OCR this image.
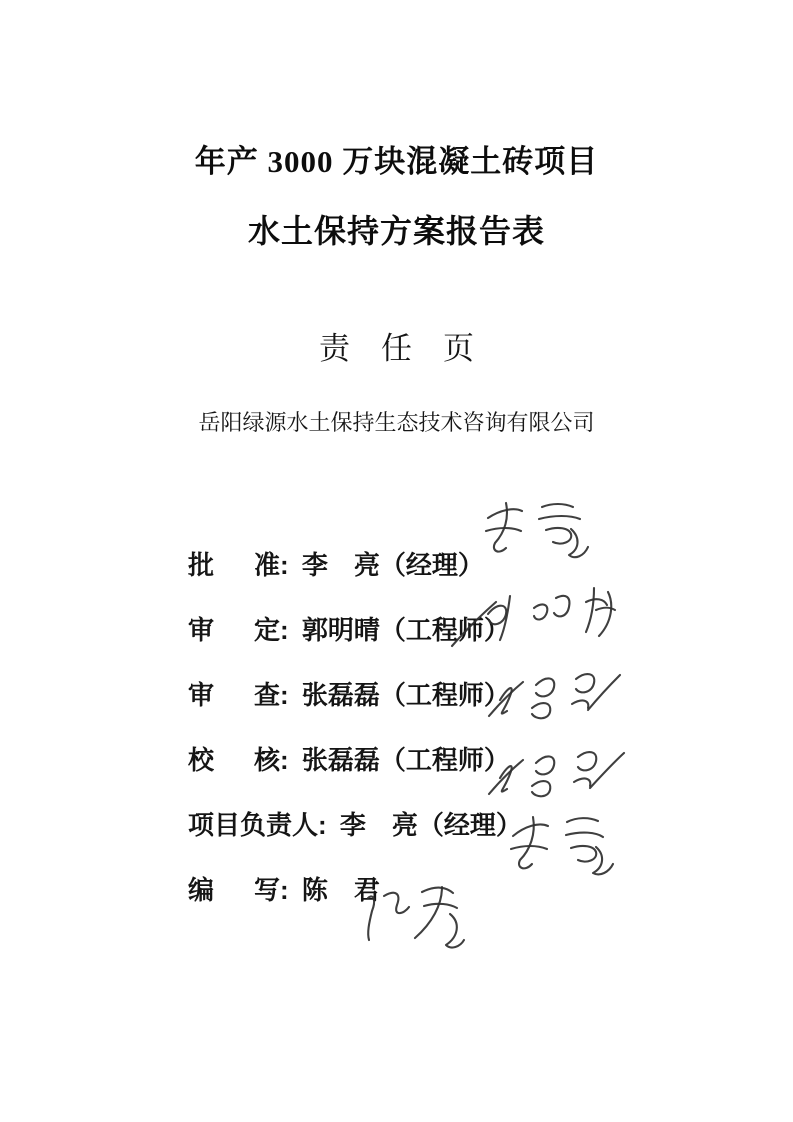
年产 3000 万块混凝土砖项目
水土保持方案报告表
责　任　页
岳阳绿源水土保持生态技术咨询有限公司
批准: 李　亮（经理）
审定: 郭明晴（工程师）
审查: 张磊磊（工程师）
校核: 张磊磊（工程师）
项目负责人: 李　亮（经理）
编写: 陈　君
